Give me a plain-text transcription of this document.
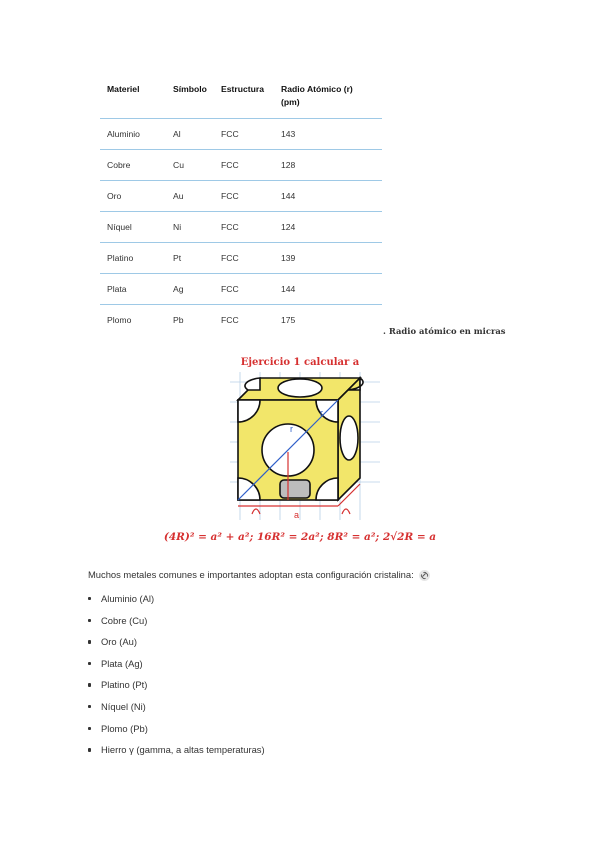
Materiel	Símbolo	Estructura	Radio Atómico (r)
(pm)
Aluminio	Al	FCC	143
Cobre	Cu	FCC	128
Oro	Au	FCC	144
Níquel	Ni	FCC	124
Platino	Pt	FCC	139
Plata	Ag	FCC	144
Plomo	Pb	FCC	175
. Radio atómico en micras
Ejercicio 1 calcular a
r
r
a
(4R)² = a² + a²; 16R² = 2a²; 8R² = a²; 2√2R = a
Muchos metales comunes e importantes adoptan esta configuración cristalina:
Aluminio (Al)
Cobre (Cu)
Oro (Au)
Plata (Ag)
Platino (Pt)
Níquel (Ni)
Plomo (Pb)
Hierro γ (gamma, a altas temperaturas)
